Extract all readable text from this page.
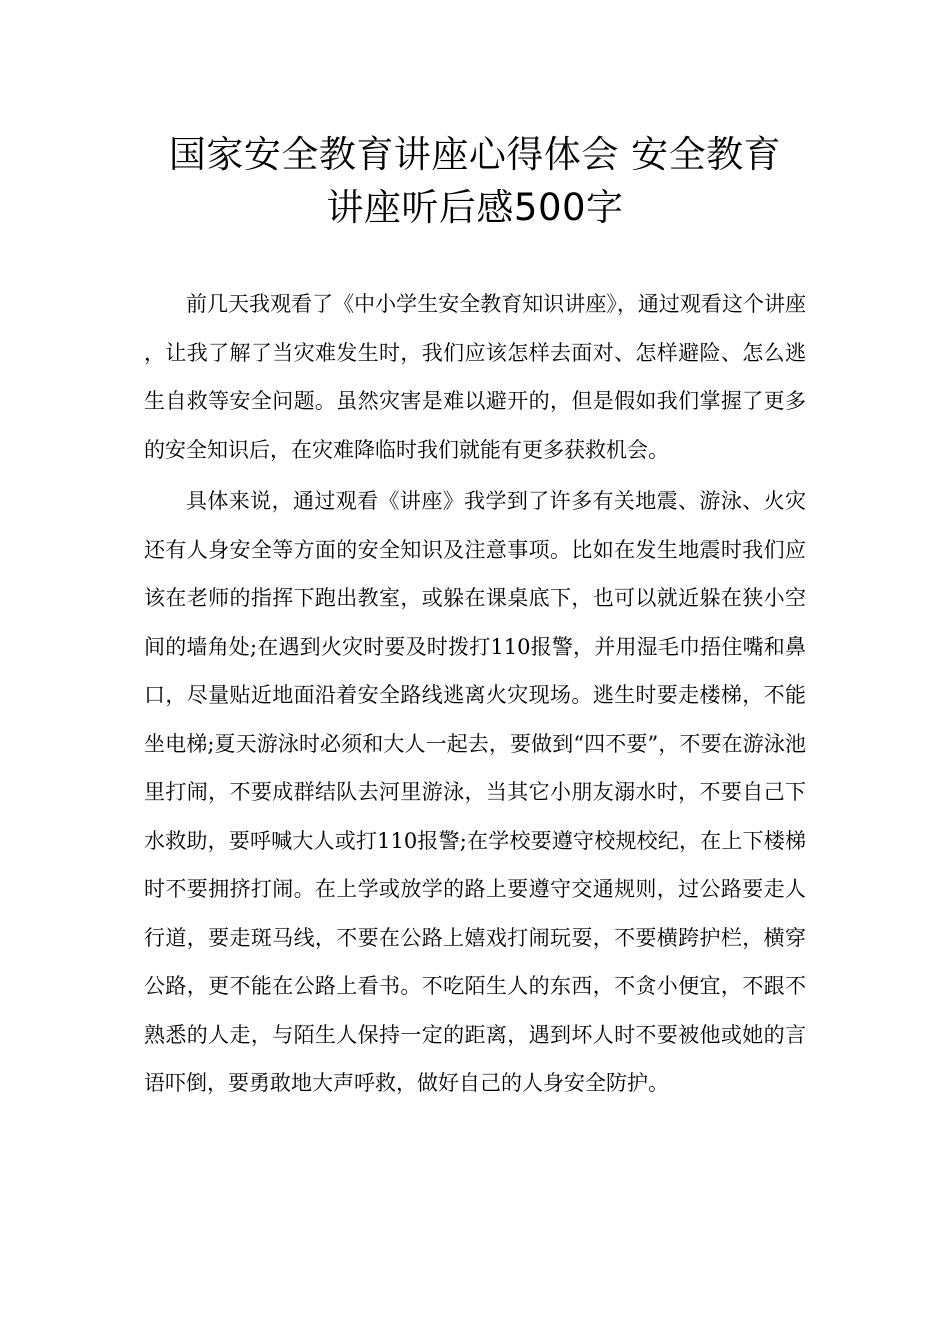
国家安全教育讲座心得体会 安全教育
讲座听后感500字

前几天我观看了《中小学生安全教育知识讲座》，通过观看这个讲座，让我了解了当灾难发生时，我们应该怎样去面对、怎样避险、怎么逃生自救等安全问题。虽然灾害是难以避开的，但是假如我们掌握了更多的安全知识后，在灾难降临时我们就能有更多获救机会。

具体来说，通过观看《讲座》我学到了许多有关地震、游泳、火灾还有人身安全等方面的安全知识及注意事项。比如在发生地震时我们应该在老师的指挥下跑出教室，或躲在课桌底下，也可以就近躲在狭小空间的墙角处;在遇到火灾时要及时拨打110报警，并用湿毛巾捂住嘴和鼻口，尽量贴近地面沿着安全路线逃离火灾现场。逃生时要走楼梯，不能坐电梯;夏天游泳时必须和大人一起去，要做到“四不要”，不要在游泳池里打闹，不要成群结队去河里游泳，当其它小朋友溺水时，不要自己下水救助，要呼喊大人或打110报警;在学校要遵守校规校纪，在上下楼梯时不要拥挤打闹。在上学或放学的路上要遵守交通规则，过公路要走人行道，要走斑马线，不要在公路上嬉戏打闹玩耍，不要横跨护栏，横穿公路，更不能在公路上看书。不吃陌生人的东西，不贪小便宜，不跟不熟悉的人走，与陌生人保持一定的距离，遇到坏人时不要被他或她的言语吓倒，要勇敢地大声呼救，做好自己的人身安全防护。
